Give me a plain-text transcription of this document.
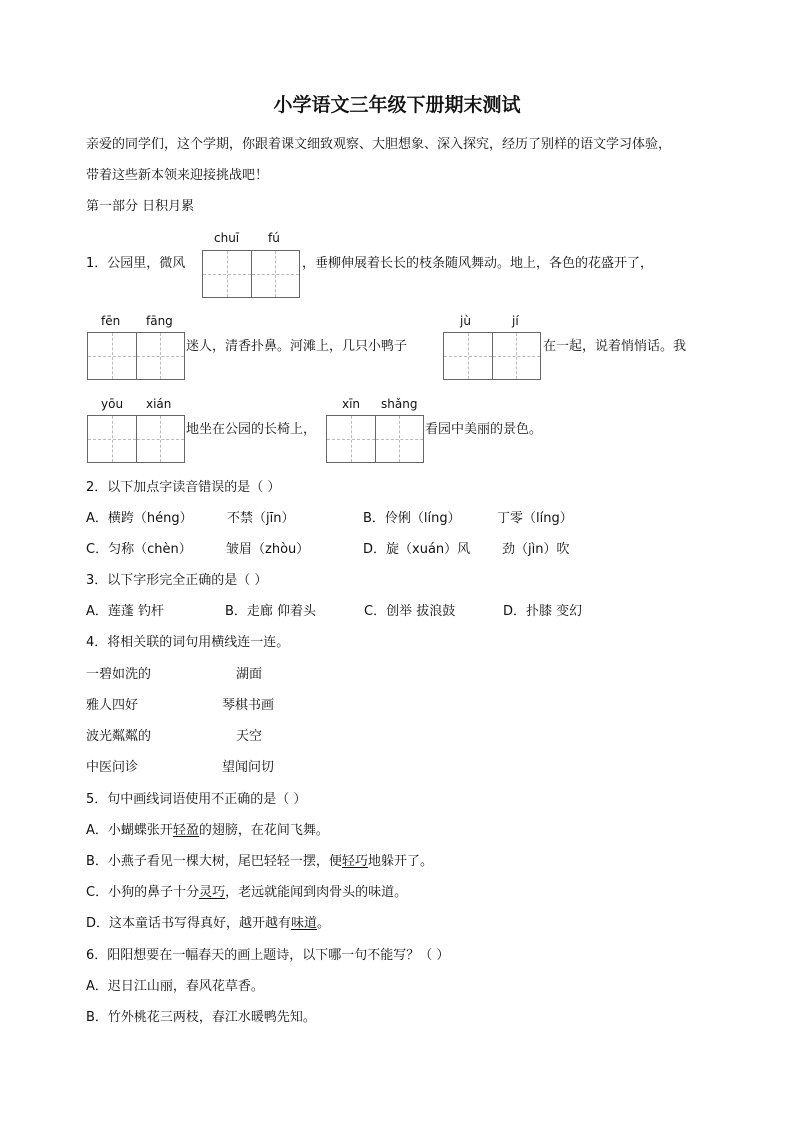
小学语文三年级下册期末测试
亲爱的同学们，这个学期，你跟着课文细致观察、大胆想象、深入探究，经历了别样的语文学习体验，
带着这些新本领来迎接挑战吧！
第一部分 日积月累
chuī fú
1．公园里，微风	，垂柳伸展着长长的枝条随风舞动。地上，各色的花盛开了，
fēn fāng
迷人，清香扑鼻。河滩上，几只小鸭子
jù	jí
在一起，说着悄悄话。我
yōu xián
地坐在公园的长椅上，
xīn shǎng
看园中美丽的景色。
2．以下加点字读音错误的是（ ）
A．横跨（héng）	不禁（jīn）	B．伶俐（líng）	丁零（líng）
C．匀称（chèn）	皱眉（zhòu）	D．旋（xuán）风 劲（jìn）吹
3．以下字形完全正确的是（ ）
A．莲蓬 钓杆	B．走廊 仰着头	C．创举 拔浪鼓	D．扑膝 变幻
4．将相关联的词句用横线连一连。
一碧如洗的	湖面
雅人四好	琴棋书画
波光粼粼的	天空
中医问诊	望闻问切
5．句中画线词语使用不正确的是（ ）
A．小蝴蝶张开轻盈的翅膀，在花间飞舞。
B．小燕子看见一棵大树，尾巴轻轻一摆，便轻巧地躲开了。
C．小狗的鼻子十分灵巧，老远就能闻到肉骨头的味道。
D．这本童话书写得真好，越开越有味道。
6．阳阳想要在一幅春天的画上题诗，以下哪一句不能写？（ ）
A．迟日江山丽，春风花草香。
B．竹外桃花三两枝，春江水暖鸭先知。
